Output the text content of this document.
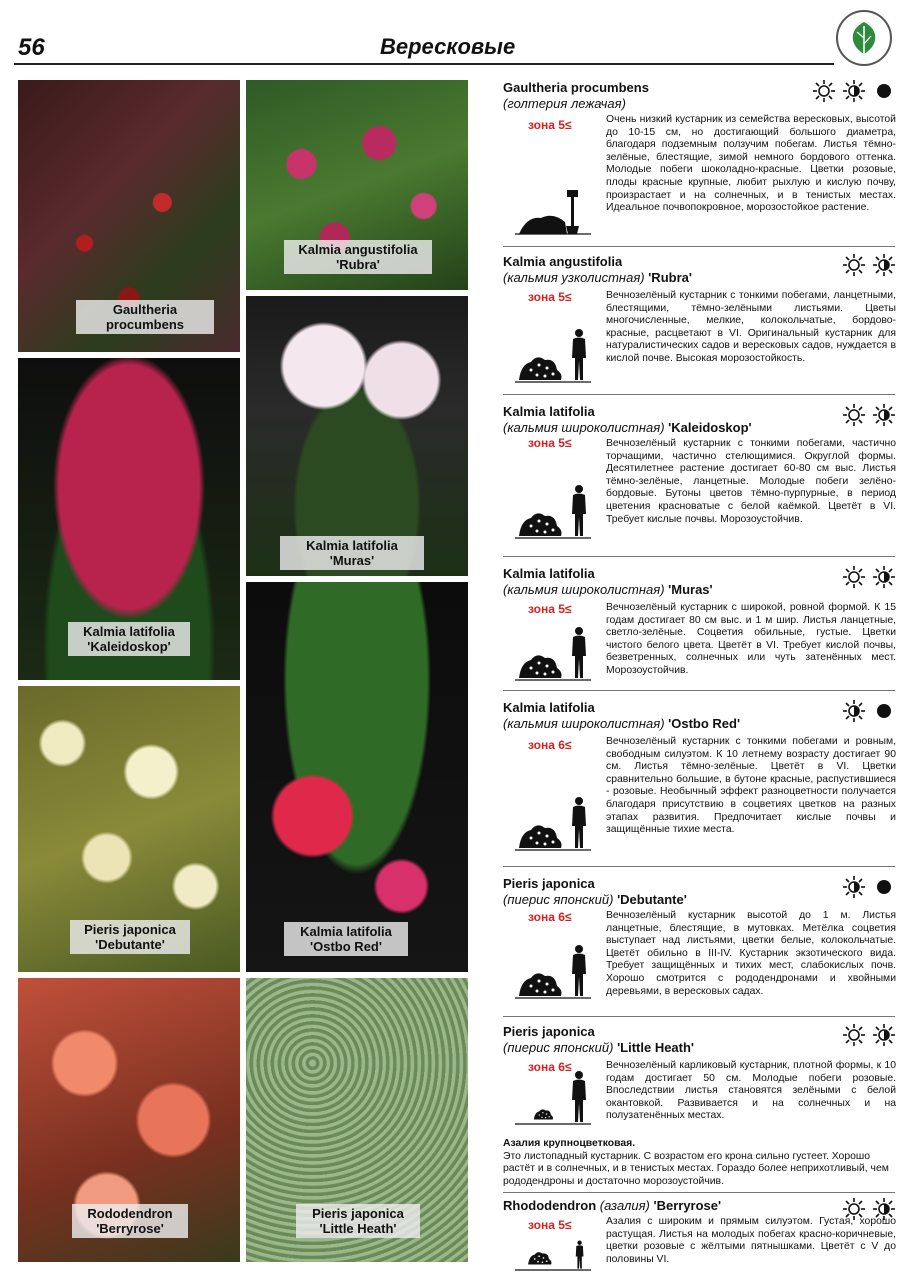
56	Вересковые
Gaultheria
procumbens
Kalmia angustifolia
'Rubra'
Kalmia latifolia 'Muras'
Kalmia latifolia
'Kaleidoskop'
Pieris japonica
'Debutante'
Kalmia latifolia
'Ostbo Red'
Rododendron
'Berryrose'
Pieris japonica
'Little Heath'
Gaultheria procumbens
(голтерия лежачая)
зона 5≤	Очень низкий кустарник из семейства вересковых, высотой до 10-15 см, но достигающий большого диаметра, благодаря подземным ползучим побегам. Листья тёмно-зелёные, блестящие, зимой немного бордового оттенка. Молодые побеги шоколадно-красные. Цветки розовые, плоды красные крупные, любит рыхлую и кислую почву, произрастает и на солнечных, и в тенистых местах. Идеальное почвопокровное, морозостойкое растение.
Kalmia angustifolia
(кальмия узколистная) 'Rubra'
зона 5≤	Вечнозелёный кустарник с тонкими побегами, ланцетными, блестящими, тёмно-зелёными листьями. Цветы многочисленные, мелкие, колокольчатые, бордово-красные, расцветают в VI. Оригинальный кустарник для натуралистических садов и вересковых садов, нуждается в кислой почве. Высокая морозостойкость.
Kalmia latifolia
(кальмия широколистная) 'Kaleidoskop'
зона 5≤	Вечнозелёный кустарник с тонкими побегами, частично торчащими, частично стелющимися. Округлой формы. Десятилетнее растение достигает 60-80 см выс. Листья тёмно-зелёные, ланцетные. Молодые побеги зелёно-бордовые. Бутоны цветов тёмно-пурпурные, в период цветения красноватые с белой каёмкой. Цветёт в VI. Требует кислые почвы. Морозоустойчив.
Kalmia latifolia
(кальмия широколистная) 'Muras'
зона 5≤	Вечнозелёный кустарник с широкой, ровной формой. К 15 годам достигает 80 см выс. и 1 м шир. Листья ланцетные, светло-зелёные. Соцветия обильные, густые. Цветки чистого белого цвета. Цветёт в VI. Требует кислой почвы, безветренных, солнечных или чуть затенённых мест. Морозоустойчив.
Kalmia latifolia
(кальмия широколистная) 'Ostbo Red'
зона 6≤	Вечнозелёный кустарник с тонкими побегами и ровным, свободным силуэтом. К 10 летнему возрасту достигает 90 см. Листья тёмно-зелёные. Цветёт в VI. Цветки сравнительно большие, в бутоне красные, распустившиеся - розовые. Необычный эффект разноцветности получается благодаря присутствию в соцветиях цветков на разных этапах развития. Предпочитает кислые почвы и защищённые тихие места.
Pieris japonica
(пиерис японский) 'Debutante'
зона 6≤	Вечнозелёный кустарник высотой до 1 м. Листья ланцетные, блестящие, в мутовках. Метёлка соцветия выступает над листьями, цветки белые, колокольчатые. Цветёт обильно в III-IV. Кустарник экзотического вида. Требует защищённых и тихих мест, слабокислых почв. Хорошо смотрится с рододендронами и хвойными деревьями, в вересковых садах.
Pieris japonica
(пиерис японский) 'Little Heath'
зона 6≤	Вечнозелёный карликовый кустарник, плотной формы, к 10 годам достигает 50 см. Молодые побеги розовые. Впоследствии листья становятся зелёными с белой окантовкой. Развивается и на солнечных и на полузатенённых местах.
Азалия крупноцветковая.
Это листопадный кустарник. С возрастом его крона сильно густеет. Хорошо растёт и в солнечных, и в тенистых местах. Гораздо более неприхотливый, чем рододендроны и достаточно морозоустойчив.
Rhododendron (азалия) 'Berryrose'
зона 5≤	Азалия с широким и прямым силуэтом. Густая, хорошо растущая. Листья на молодых побегах красно-коричневые, цветки розовые с жёлтыми пятнышками. Цветёт с V до половины VI.
